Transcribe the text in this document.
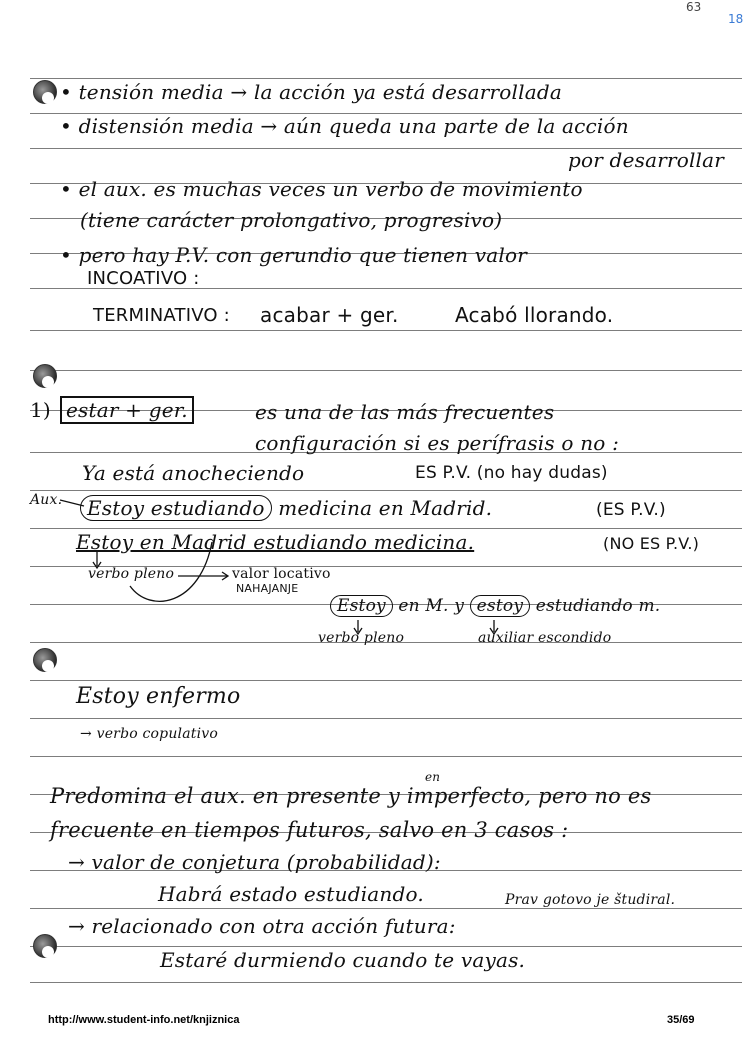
63
18
• tensión media → la acción ya está desarrollada
• distensión media → aún queda una parte de la acción
por desarrollar
• el aux. es muchas veces un verbo de movimiento
(tiene carácter prolongativo, progresivo)
• pero hay P.V. con gerundio que tienen valor
INCOATIVO :
TERMINATIVO : acabar + ger.	Acabó llorando.
1) estar + ger.	es una de las más frecuentes
configuración si es perífrasis o no :
Ya está anocheciendo	ES P.V. (no hay dudas)
Aux.	Estoy estudiando medicina en Madrid.	(ES P.V.)
Estoy en Madrid estudiando medicina.	(NO ES P.V.)
verbo pleno	valor locativo
NAHAJANJE
Estoy en M. y estoy estudiando m.
verbo pleno	auxiliar escondido
Estoy enfermo
→ verbo copulativo
en
Predomina el aux. en presente y imperfecto, pero no es
frecuente en tiempos futuros, salvo en 3 casos :
→ valor de conjetura (probabilidad):
Habrá estado estudiando.	Prav gotovo je študiral.
→ relacionado con otra acción futura:
Estaré durmiendo cuando te vayas.
http://www.student-info.net/knjiznica	35/69
